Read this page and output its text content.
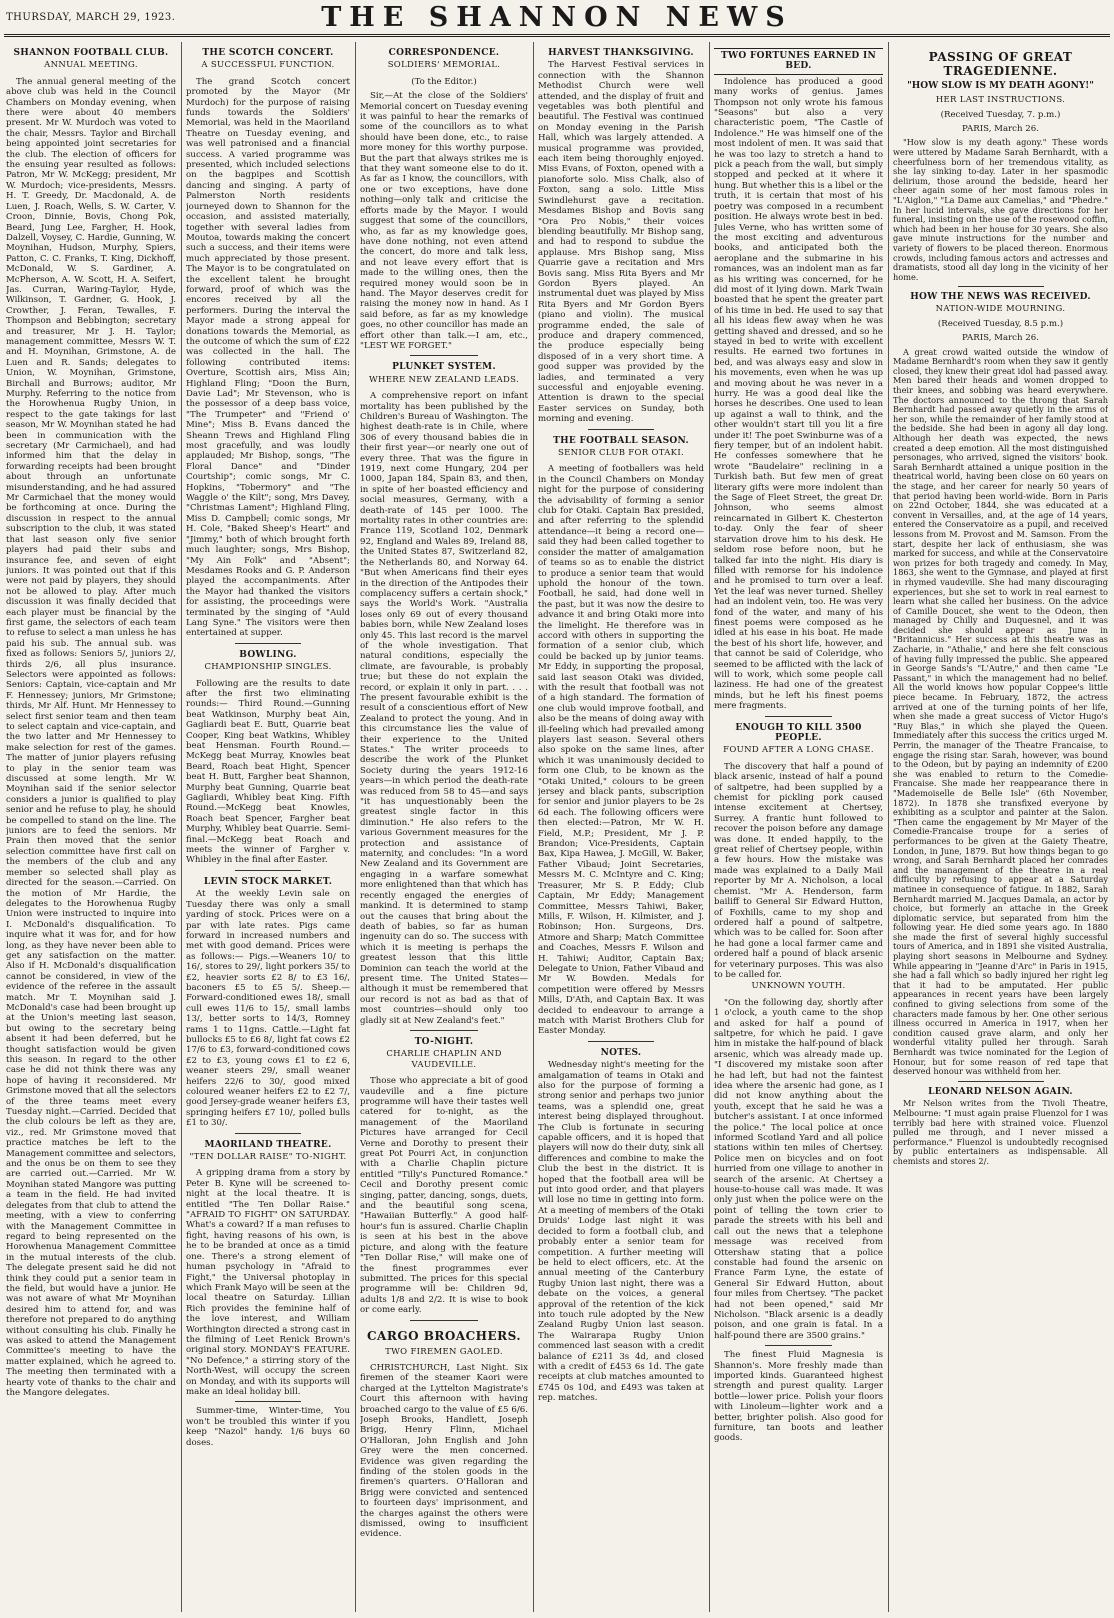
THURSDAY, MARCH 29, 1923.	THE SHANNON NEWS
SHANNON FOOTBALL CLUB.
ANNUAL MEETING.

The annual general meeting of the above club was held in the Council Chambers on Monday evening, when there were about 40 members present. Mr W. Murdoch was voted to the chair, Messrs. Taylor and Birchall being appointed joint secretaries for the club. The election of officers for the ensuing year resulted as follows: Patron, Mr W. McKegg; president, Mr W. Murdoch; vice-presidents, Messrs. H. T. Greedy, Dr. Macdonald, A. de Luen, J. Roach, Wells, S. W. Carter, V. Croon, Dinnie, Bovis, Chong Pok, Beard, Jung Lee, Fargher, H. Hook, Dalzell, Voysey, C. Hardie, Gunning, W. Moynihan, Hudson, Murphy, Spiers, Patton, C. C. Franks, T. King, Dickhoff, McDonald, W. S. Gardiner, A. McPherson, A. W. Scott, H. A. Seifert, Jas. Curran, Waring-Taylor, Hyde, Wilkinson, T. Gardner, G. Hook, J. Crowther, J. Feran, Tewalles, F. Thompson and Bebbington; secretary and treasurer, Mr J. H. Taylor; management committee, Messrs W. T. and H. Moynihan, Grimstone, A. de Luen and R. Sands; delegates to Union, W. Moynihan, Grimstone, Birchall and Burrows; auditor, Mr Murphy. Referring to the notice from the Horowhenua Rugby Union, in respect to the gate takings for last season, Mr W. Moynihan stated he had been in communication with the secretary (Mr Carmichael), and had informed him that the delay in forwarding receipts had been brought about through an unfortunate misunderstanding, and he had assured Mr Carmichael that the money would be forthcoming at once. During the discussion in respect to the annual subscription to the club, it was stated that last season only five senior players had paid their subs and insurance fee, and seven of eight juniors. It was pointed out that if this were not paid by players, they should not be allowed to play. After much discussion it was finally decided that each player must be financial by the first game, the selectors of each team to refuse to select a man unless he has paid his sub. The annual sub. was fixed as follows: Seniors 5/, juniors 2/, thirds 2/6, all plus insurance. Selectors were appointed as follows: Seniors: Captain, vice-captain and Mr F. Hennessey; juniors, Mr Grimstone; thirds, Mr Alf. Hunt. Mr Hennessey to select first senior team and then team to select captain and vice-captain, and the two latter and Mr Hennessey to make selection for rest of the games. The matter of junior players refusing to play in the senior team was discussed at some length. Mr W. Moynihan said if the senior selector considers a junior is qualified to play senior and he refuse to play, he should be compelled to stand on the line. The juniors are to feed the seniors. Mr Prain then moved that the senior selection committee have first call on the members of the club and any member so selected shall play as directed for the season.—Carried. On the motion of Mr Hardie, the delegates to the Horowhenua Rugby Union were instructed to inquire into I. McDonald's disqualification. To inquire what it was for, and for how long, as they have never been able to get any satisfaction on the matter. Also if H. McDonald's disqualification cannot be considered, in view of the evidence of the referee in the assault match. Mr T. Moynihan said J. McDonald's case had been brought up at the Union's meeting last season, but owing to the secretary being absent it had been deferred, but he thought satisfaction would be given this season. In regard to the other case he did not think there was any hope of having it reconsidered. Mr Grimstone moved that all the selectors of the three teams meet every Tuesday night.—Carried. Decided that the club colours be left as they are, viz., red. Mr Grimstone moved that practice matches be left to the Management committee and selectors, and the onus be on them to see they are carried out.—Carried. Mr W. Moynihan stated Mangore was putting a team in the field. He had invited delegates from that club to attend the meeting, with a view to conferring with the Management Committee in regard to being represented on the Horowhenua Management Committee in the mutual interests of the club. The delegate present said he did not think they could put a senior team in the field, but would have a junior. He was not aware of what Mr Moynihan desired him to attend for, and was therefore not prepared to do anything without consulting his club. Finally he was asked to attend the Management Committee's meeting to have the matter explained, which he agreed to. The meeting then terminated with a hearty vote of thanks to the chair and the Mangore delegates.

THE SCOTCH CONCERT.
A SUCCESSFUL FUNCTION.

The grand Scotch concert promoted by the Mayor (Mr Murdoch) for the purpose of raising funds towards the Soldiers' Memorial, was held in the Maoriland Theatre on Tuesday evening, and was well patronised and a financial success. A varied programme was presented, which included selections on the bagpipes and Scottish dancing and singing. A party of Palmerston North residents journeyed down to Shannon for the occasion, and assisted materially, together with several ladies from Moutoa, towards making the concert such a success, and their items were much appreciated by those present. The Mayor is to be congratulated on the excellent talent he brought forward, proof of which was the encores received by all the performers. During the interval the Mayor made a strong appeal for donations towards the Memorial, as the outcome of which the sum of £22 was collected in the hall. The following contributed items: Overture, Scottish airs, Miss Ain; Highland Fling; "Doon the Burn, Davie Lad"; Mr Stevenson, who is the possessor of a deep bass voice, "The Trumpeter" and "Friend o' Mine"; Miss B. Evans danced the Sheann Trews and Highland Fling most gracefully, and was loudly applauded; Mr Bishop, songs, "The Floral Dance" and "Dinder Courtship"; comic songs, Mr C. Hopkins, "Tobermory" and "The Waggle o' the Kilt"; song, Mrs Davey, "Christmas Lament"; Highland Fling, Miss D. Campbell; comic songs, Mr H. Cole, "Baked Sheep's Heart" and "Jimmy," both of which brought forth much laughter; songs, Mrs Bishop, "My Ain Folk" and "Absent"; Mesdames Rooks and G. P. Anderson played the accompaniments. After the Mayor had thanked the visitors for assisting, the proceedings were terminated by the singing of "Auld Lang Syne." The visitors were then entertained at supper.

BOWLING.
CHAMPIONSHIP SINGLES.

Following are the results to date after the first two eliminating rounds:— Third Round.—Gunning beat Watkinson, Murphy beat Ain, Gagliardi beat E. Butt, Quarrie beat Cooper, King beat Watkins, Whibley beat Hensman. Fourth Round.—McKegg beat Murray, Knowles beat Beard, Roach beat Hight, Spencer beat H. Butt, Fargher beat Shannon, Murphy beat Gunning, Quarrie beat Gagliardi, Whibley beat King. Fifth Round.—McKegg beat Knowles, Roach beat Spencer, Fargher beat Murphy, Whibley beat Quarrie. Semi-final.—McKegg beat Roach and meets the winner of Fargher v. Whibley in the final after Easter.

LEVIN STOCK MARKET.

At the weekly Levin sale on Tuesday there was only a small yarding of stock. Prices were on a par with late rates. Pigs came forward in increased numbers and met with good demand. Prices were as follows:— Pigs.—Weaners 10/ to 16/, stores to 29/, light porkers 35/ to £2, heavier sorts £2 8/ to £3 16/, baconers £5 to £5 5/. Sheep.—Forward-conditioned ewes 18/, small cull ewes 11/6 to 15/, small lambs 13/, better sorts to 14/3, Romney rams 1 to 11gns. Cattle.—Light fat bullocks £5 to £6 8/, light fat cows £2 17/6 to £3, forward-conditioned cows £2 to £3, young cows £1 to £2 6, weaner steers 29/, small weaner heifers 22/6 to 30/, good mixed coloured weaner heifers £2 to £2 7/, good Jersey-grade weaner heifers £3, springing heifers £7 10/, polled bulls £1 to 30/.

MAORILAND THEATRE.
"TEN DOLLAR RAISE" TO-NIGHT.

A gripping drama from a story by Peter B. Kyne will be screened to-night at the local theatre. It is entitled "The Ten Dollar Raise." "AFRAID TO FIGHT" ON SATURDAY. What's a coward? If a man refuses to fight, having reasons of his own, is he to be branded at once as a timid one. There's a strong element of human psychology in "Afraid to Fight," the Universal photoplay in which Frank Mayo will be seen at the local theatre on Saturday. Lillian Rich provides the feminine half of the love interest, and William Worthington directed a strong cast in the filming of Leet Renick Brown's original story. MONDAY'S FEATURE. "No Defence," a stirring story of the North-West, will occupy the screen on Monday, and with its supports will make an ideal holiday bill.

Summer-time, Winter-time, You won't be troubled this winter if you keep "Nazol" handy. 1/6 buys 60 doses.

CORRESPONDENCE.
SOLDIERS' MEMORIAL.
(To the Editor.)

Sir,—At the close of the Soldiers' Memorial concert on Tuesday evening it was painful to hear the remarks of some of the councillors as to what should have been done, etc., to raise more money for this worthy purpose. But the part that always strikes me is that they want someone else to do it. As far as I know, the councillors, with one or two exceptions, have done nothing—only talk and criticise the efforts made by the Mayor. I would suggest that some of the councillors, who, as far as my knowledge goes, have done nothing, not even attend the concert, do more and talk less, and not leave every effort that is made to the willing ones, then the required money would soon be in hand. The Mayor deserves credit for raising the money now in hand. As I said before, as far as my knowledge goes, no other councillor has made an effort other than talk.—I am, etc., "LEST WE FORGET."

PLUNKET SYSTEM.
WHERE NEW ZEALAND LEADS.

A comprehensive report on infant mortality has been published by the Children's Bureau of Washington. The highest death-rate is in Chile, where 306 of every thousand babies die in their first year—or nearly one out of every three. That was the figure in 1919, next come Hungary, 204 per 1000, Japan 184, Spain 83, and then, in spite of her boasted efficiency and social measures, Germany, with a death-rate of 145 per 1000. The mortality rates in other countries are: France 119, Scotland 102, Denmark 92, England and Wales 89, Ireland 88, the United States 87, Switzerland 82, the Netherlands 80, and Norway 64. "But when Americans find their eyes in the direction of the Antipodes their complacency suffers a certain shock," says the World's Work. "Australia loses only 69 out of every thousand babies born, while New Zealand loses only 45. This last record is the marvel of the whole investigation. That natural conditions, especially the climate, are favourable, is probably true; but these do not explain the record, or explain it only in part. . . . The present favourable exhibit is the result of a conscientious effort of New Zealand to protect the young. And in this circumstance lies the value of their experience to the United States." The writer proceeds to describe the work of the Plunket Society during the years 1912-16 years—in which period the death-rate was reduced from 58 to 45—and says "it has unquestionably been the greatest single factor in this diminution." He also refers to the various Government measures for the protection and assistance of maternity, and concludes: "In a word New Zealand and its Government are engaging in a warfare somewhat more enlightened than that which has recently engaged the energies of mankind. It is determined to stamp out the causes that bring about the death of babies, so far as human ingenuity can do so. The success with which it is meeting is perhaps the greatest lesson that this little Dominion can teach the world at the present time. The United States—although it must be remembered that our record is not as bad as that of most countries—should only too gladly sit at New Zealand's feet."

TO-NIGHT.
CHARLIE CHAPLIN AND VAUDEVILLE.

Those who appreciate a bit of good vaudeville and a fine picture programme will have their tastes well catered for to-night, as the management of the Maoriland Pictures have arranged for Cecil Verne and Dorothy to present their great Pot Pourri Act, in conjunction with a Charlie Chaplin picture entitled "Tilly's Punctured Romance." Cecil and Dorothy present comic singing, patter, dancing, songs, duets, and the beautiful song scena, "Hawaiian Butterfly." A good half-hour's fun is assured. Charlie Chaplin is seen at his best in the above picture, and along with the feature "Ten Dollar Rise," will make one of the finest programmes ever submitted. The prices for this special programme will be: Children 9d, adults 1/8 and 2/2. It is wise to book or come early.

CARGO BROACHERS.
TWO FIREMEN GAOLED.

CHRISTCHURCH, Last Night. Six firemen of the steamer Kaori were charged at the Lyttelton Magistrate's Court this afternoon with having broached cargo to the value of £5 6/6. Joseph Brooks, Handlett, Joseph Brigg, Henry Flinn, Michael O'Halloran, John English and John Grey were the men concerned. Evidence was given regarding the finding of the stolen goods in the firemen's quarters. O'Halloran and Brigg were convicted and sentenced to fourteen days' imprisonment, and the charges against the others were dismissed, owing to insufficient evidence.

HARVEST THANKSGIVING.

The Harvest Festival services in connection with the Shannon Methodist Church were well attended, and the display of fruit and vegetables was both plentiful and beautiful. The Festival was continued on Monday evening in the Parish Hall, which was largely attended. A musical programme was provided, each item being thoroughly enjoyed. Miss Evans, of Foxton, opened with a pianoforte solo. Miss Chalk, also of Foxton, sang a solo. Little Miss Swindlehurst gave a recitation. Mesdames Bishop and Bovis sang "Ora Pro Nobis," their voices blending beautifully. Mr Bishop sang, and had to respond to subdue the applause. Mrs Bishop sang, Miss Quarrie gave a recitation and Mrs Bovis sang. Miss Rita Byers and Mr Gordon Byers played. An instrumental duet was played by Miss Rita Byers and Mr Gordon Byers (piano and violin). The musical programme ended, the sale of produce and drapery commenced, the produce especially being disposed of in a very short time. A good supper was provided by the ladies, and terminated a very successful and enjoyable evening. Attention is drawn to the special Easter services on Sunday, both morning and evening.

THE FOOTBALL SEASON.
SENIOR CLUB FOR OTAKI.

A meeting of footballers was held in the Council Chambers on Monday night for the purpose of considering the advisability of forming a senior club for Otaki. Captain Bax presided, and after referring to the splendid attendance—it being a record one—said they had been called together to consider the matter of amalgamation of teams so as to enable the district to produce a senior team that would uphold the honour of the town. Football, he said, had done well in the past, but it was now the desire to advance it and bring Otaki more into the limelight. He therefore was in accord with others in supporting the formation of a senior club, which could be backed up by junior teams. Mr Eddy, in supporting the proposal, said last season Otaki was divided, with the result that football was not of a high standard. The formation of one club would improve football, and also be the means of doing away with ill-feeling which had prevailed among players last season. Several others also spoke on the same lines, after which it was unanimously decided to form one Club, to be known as the "Otaki United," colours to be green jersey and black pants, subscription for senior and junior players to be 2s 6d each. The following officers were then elected:—Patron, Mr W. H. Field, M.P.; President, Mr J. P. Brandon; Vice-Presidents, Captain Bax, Kipa Hawea, J. McGill, W. Baker, Father Vibaud; Joint Secretaries, Messrs M. C. McIntyre and C. King; Treasurer, Mr S. P. Eddy; Club Captain, Mr Eddy; Management Committee, Messrs Tahiwi, Baker, Mills, F. Wilson, H. Kilmister, and J. Robinson; Hon. Surgeons, Drs. Atmore and Sharp; Match Committee and Coaches, Messrs F. Wilson and H. Tahiwi; Auditor, Captain Bax; Delegate to Union, Father Vibaud and Mr W. Bowden. Medals for competition were offered by Messrs Mills, D'Ath, and Captain Bax. It was decided to endeavour to arrange a match with Marist Brothers Club for Easter Monday.

NOTES.

Wednesday night's meeting for the amalgamation of teams in Otaki and also for the purpose of forming a strong senior and perhaps two junior teams, was a splendid one, great interest being displayed throughout. The Club is fortunate in securing capable officers, and it is hoped that players will now do their duty, sink all differences and combine to make the Club the best in the district. It is hoped that the football area will be put into good order, and that players will lose no time in getting into form. At a meeting of members of the Otaki Druids' Lodge last night it was decided to form a football club, and probably enter a senior team for competition. A further meeting will be held to elect officers, etc. At the annual meeting of the Canterbury Rugby Union last night, there was a debate on the voices, a general approval of the retention of the kick into touch rule adopted by the New Zealand Rugby Union last season. The Wairarapa Rugby Union commenced last season with a credit balance of £211 3s 4d, and closed with a credit of £453 6s 1d. The gate receipts at club matches amounted to £745 0s 10d, and £493 was taken at rep. matches.

TWO FORTUNES EARNED IN BED.

Indolence has produced a good many works of genius. James Thompson not only wrote his famous "Seasons" but also a very characteristic poem, "The Castle of Indolence." He was himself one of the most indolent of men. It was said that he was too lazy to stretch a hand to pick a peach from the wall, but simply stopped and pecked at it where it hung. But whether this is a libel or the truth, it is certain that most of his poetry was composed in a recumbent position. He always wrote best in bed. Jules Verne, who has written some of the most exciting and adventurous books, and anticipated both the aeroplane and the submarine in his romances, was an indolent man as far as his writing was concerned, for he did most of it lying down. Mark Twain boasted that he spent the greater part of his time in bed. He used to say that all his ideas flew away when he was getting shaved and dressed, and so he stayed in bed to write with excellent results. He earned two fortunes in bed, and was always easy and slow in his movements, even when he was up and moving about he was never in a hurry. He was a good deal like the horses he describes. One used to lean up against a wall to think, and the other wouldn't start till you lit a fire under it! The poet Swinburne was of a fiery temper, but of an indolent habit. He confesses somewhere that he wrote "Baudelaire" reclining in a Turkish bath. But few men of great literary gifts were more indolent than the Sage of Fleet Street, the great Dr. Johnson, who seems almost reincarnated in Gilbert K. Chesterton to-day. Only the fear of sheer starvation drove him to his desk. He seldom rose before noon, but he talked far into the night. His diary is filled with remorse for his indolence and he promised to turn over a leaf. Yet the leaf was never turned. Shelley had an indolent vein, too. He was very fond of the water, and many of his finest poems were composed as he idled at his ease in his boat. He made the best of his short life, however, and that cannot be said of Coleridge, who seemed to be afflicted with the lack of will to work, which some people call laziness. He had one of the greatest minds, but he left his finest poems mere fragments.

ENOUGH TO KILL 3500 PEOPLE.
FOUND AFTER A LONG CHASE.

The discovery that half a pound of black arsenic, instead of half a pound of saltpetre, had been supplied by a chemist for pickling pork caused intense excitement at Chertsey, Surrey. A frantic hunt followed to recover the poison before any damage was done. It ended happily, to the great relief of Chertsey people, within a few hours. How the mistake was made was explained to a Daily Mail reporter by Mr A. Nicholson, a local chemist. "Mr A. Henderson, farm bailiff to General Sir Edward Hutton, of Foxhills, came to my shop and ordered half a pound of saltpetre, which was to be called for. Soon after he had gone a local farmer came and ordered half a pound of black arsenic for veterinary purposes. This was also to be called for.

UNKNOWN YOUTH.

"On the following day, shortly after 1 o'clock, a youth came to the shop and asked for half a pound of saltpetre, for which he paid. I gave him in mistake the half-pound of black arsenic, which was already made up. "I discovered my mistake soon after he had left, but had not the faintest idea where the arsenic had gone, as I did not know anything about the youth, except that he said he was a butcher's assistant. I at once informed the police." The local police at once informed Scotland Yard and all police stations within ten miles of Chertsey. Police men on bicycles and on foot hurried from one village to another in search of the arsenic. At Chertsey a house-to-house call was made. It was only just when the police were on the point of telling the town crier to parade the streets with his bell and call out the news that a telephone message was received from Ottershaw stating that a police constable had found the arsenic on France Farm Lyne, the estate of General Sir Edward Hutton, about four miles from Chertsey. "The packet had not been opened," said Mr Nicholson. "Black arsenic is a deadly poison, and one grain is fatal. In a half-pound there are 3500 grains."

The finest Fluid Magnesia is Shannon's. More freshly made than imported kinds. Guaranteed highest strength and purest quality. Larger bottle—lower price. Polish your floors with Linoleum—lighter work and a better, brighter polish. Also good for furniture, tan boots and leather goods.

PASSING OF GREAT TRAGEDIENNE.
"HOW SLOW IS MY DEATH AGONY!"
HER LAST INSTRUCTIONS.
(Received Tuesday, 7. p.m.)
PARIS, March 26.

"How slow is my death agony." These words were uttered by Madame Sarah Bernhardt, with a cheerfulness born of her tremendous vitality, as she lay sinking to-day. Later in her spasmodic delirium, those around the bedside, heard her cheer again some of her most famous roles in "L'Aiglon," "La Dame aux Camelias," and "Phedre." In her lucid intervals, she gave directions for her funeral, insisting on the use of the rosewood coffin, which had been in her house for 30 years. She also gave minute instructions for the number and variety of flowers to be placed thereon. Enormous crowds, including famous actors and actresses and dramatists, stood all day long in the vicinity of her home.

HOW THE NEWS WAS RECEIVED.
NATION-WIDE MOURNING.
(Received Tuesday, 8.5 p.m.)
PARIS, March 26.

A great crowd waited outside the window of Madame Bernhardt's room when they saw it gently closed, they knew their great idol had passed away. Men bared their heads and women dropped to their knees, and sobbing was heard everywhere. The doctors announced to the throng that Sarah Bernhardt had passed away quietly in the arms of her son, while the remainder of her family stood at the bedside. She had been in agony all day long. Although her death was expected, the news created a deep emotion. All the most distinguished personages, who arrived, signed the visitors' book. Sarah Bernhardt attained a unique position in the theatrical world, having been close on 60 years on the stage, and her career for nearly 50 years of that period having been world-wide. Born in Paris on 22nd October, 1844, she was educated at a convent in Versailles, and, at the age of 14 years, entered the Conservatoire as a pupil, and received lessons from M. Provost and M. Samson. From the start, despite her lack of enthusiasm, she was marked for success, and while at the Conservatoire won prizes for both tragedy and comedy. In May, 1863, she went to the Gymnase, and played at first in rhymed vaudeville. She had many discouraging experiences, but she set to work in real earnest to learn what she called her business. On the advice of Camille Doucet, she went to the Odeon, then managed by Chilly and Duquesnel, and it was decided she should appear as June in "Britannicus." Her success at this theatre was as Zacharie, in "Athalie," and here she felt conscious of having fully impressed the public. She appeared in George Sands's "L'Autre," and then came "Le Passant," in which the management had no belief. All the world knows how popular Coppee's little piece became. In February, 1872, the actress arrived at one of the turning points of her life, when she made a great success of Victor Hugo's "Ruy Blas," in which she played the Queen. Immediately after this success the critics urged M. Perrin, the manager of the Theatre Francaise, to engage the rising star. Sarah, however, was bound to the Odeon, but by paying an indemnity of £200 she was enabled to return to the Comedie-Francaise. She made her reappearance there in "Mademoiselle de Belle Isle" (6th November, 1872). In 1878 she transfixed everyone by exhibiting as a sculptor and painter at the Salon. "Then came the engagement by Mr Mayer of the Comedie-Francaise troupe for a series of performances to be given at the Gaiety Theatre, London, in June, 1879. But how things began to go wrong, and Sarah Bernhardt placed her comrades and the management of the theatre in a real difficulty by refusing to appear at a Saturday matinee in consequence of fatigue. In 1882, Sarah Bernhardt married M. Jacques Damala, an actor by choice, but formerly an attache in the Greek diplomatic service, but separated from him the following year. He died some years ago. In 1880 she made the first of several highly successful tours of America, and in 1891 she visited Australia, playing short seasons in Melbourne and Sydney. While appearing in "Jeanne d'Arc" in Paris in 1915, she had a fall which so badly injured her right leg that it had to be amputated. Her public appearances in recent years have been largely confined to giving selections from some of the characters made famous by her. One other serious illness occurred in America in 1917, when her condition caused grave alarm, and only her wonderful vitality pulled her through. Sarah Bernhardt was twice nominated for the Legion of Honour, but for some reason of red tape that deserved honour was withheld from her.

LEONARD NELSON AGAIN.

Mr Nelson writes from the Tivoli Theatre, Melbourne: "I must again praise Fluenzol for I was terribly bad here with strained voice. Fluenzol pulled me through, and I never missed a performance." Fluenzol is undoubtedly recognised by public entertainers as indispensable. All chemists and stores 2/.
